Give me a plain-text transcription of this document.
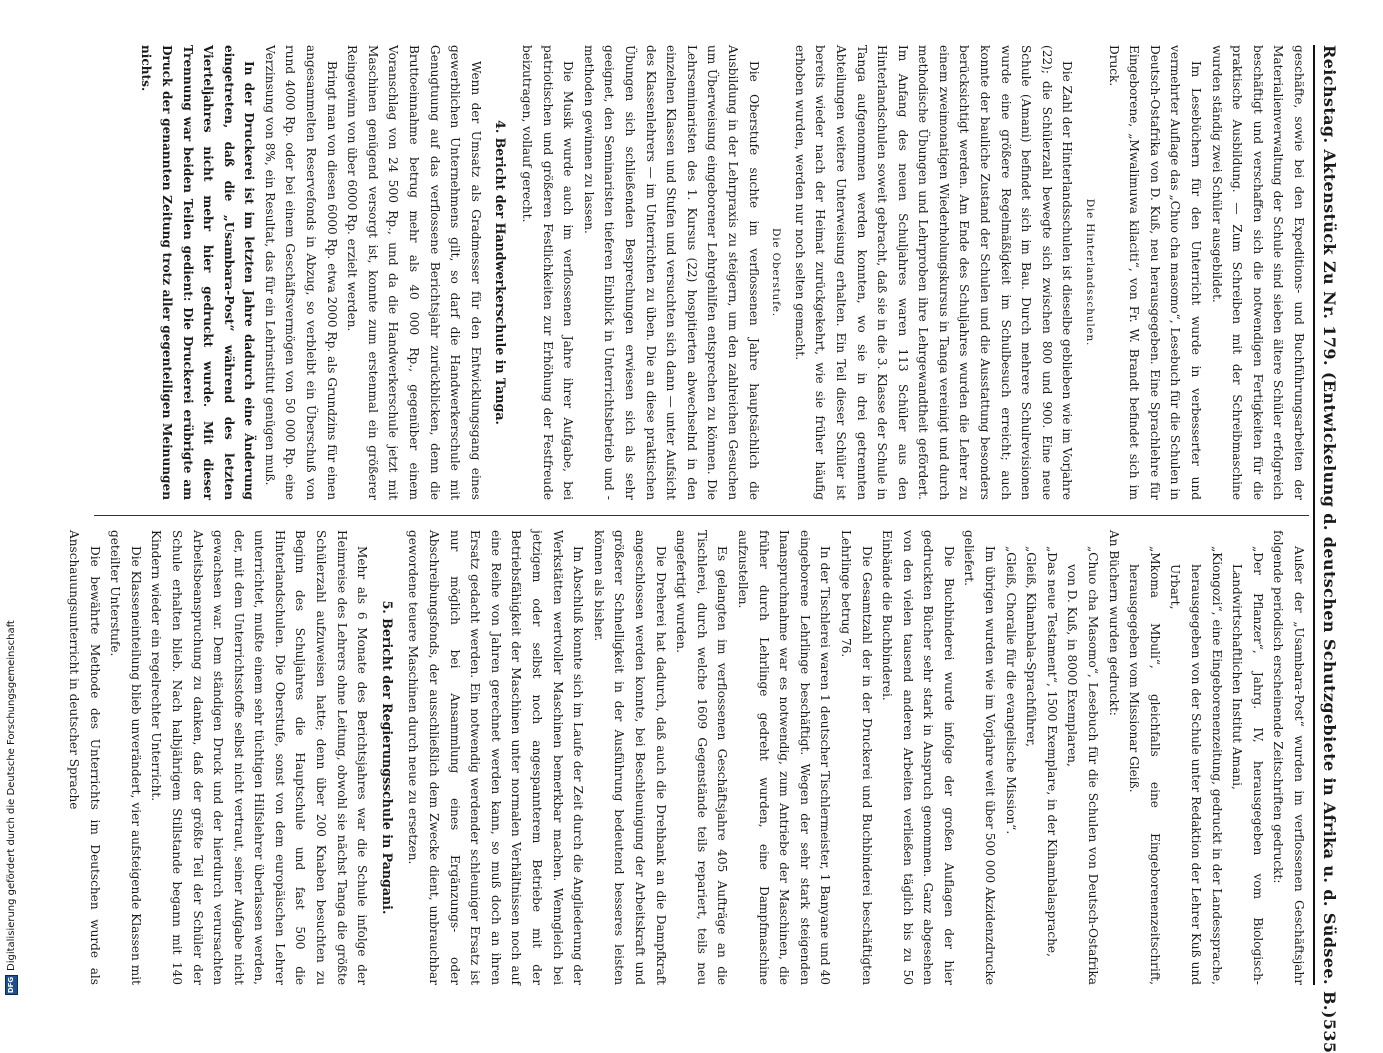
Reichstag. Aktenstück Zu Nr. 179. (Entwickelung d. deutschen Schutzgebiete in Afrika u. d. Südsee. B.)
535

geschäfte, sowie bei den Expeditions- und Buchführungsarbeiten der Materialienverwaltung der Schule sind sieben ältere Schüler erfolgreich beschäftigt und verschaffen sich die notwendigen Fertigkeiten für die praktische Ausbildung. — Zum Schreiben mit der Schreibmaschine wurden ständig zwei Schüler ausgebildet.

Im Lesebüchern für den Unterricht wurde in verbesserter und vermehrter Auflage das „Chuo cha masomo“, Lesebuch für die Schulen in Deutsch-Ostafrika von D. Kuß, neu herausgegeben. Eine Sprachlehre für Eingeborene, „Mwalimuwa kilaciti“, von Fr. W. Brandt befindet sich im Druck.

Die Hinterlandsschulen.

Die Zahl der Hinterlandsschulen ist dieselbe geblieben wie im Vorjahre (22); die Schülerzahl bewegte sich zwischen 800 und 900. Eine neue Schule (Amani) befindet sich im Bau. Durch mehrere Schulrevisionen wurde eine größere Regelmäßigkeit im Schulbesuch erreicht; auch konnte der bauliche Zustand der Schulen und die Ausstattung besonders berücksichtigt werden. Am Ende des Schuljahres wurden die Lehrer zu einem zweimonatigen Wiederholungskursus in Tanga vereinigt und durch methodische Übungen und Lehrproben ihre Lehrgewandtheit gefördert. Im Anfang des neuen Schuljahres waren 113 Schüler aus den Hinterlandschulen soweit gebracht, daß sie in die 3. Klasse der Schule in Tanga aufgenommen werden konnten, wo sie in drei getrennten Abteilungen weitere Unterweisung erhalten. Ein Teil dieser Schüler ist bereits wieder nach der Heimat zurückgekehrt, wie sie früher häufig erhoben wurden, werden nur noch selten gemacht.

Die Oberstufe.

Die Oberstufe suchte im verflossenen Jahre hauptsächlich die Ausbildung in der Lehrpraxis zu steigern, um den zahlreichen Gesuchen um Überweisung eingeborener Lehrgehilfen entsprechen zu können. Die Lehrseminaristen des 1. Kursus (22) hospitierten abwechselnd in den einzelnen Klassen und Stufen und versuchten sich dann — unter Aufsicht des Klassenlehrers — im Unterrichten zu üben. Die an diese praktischen Übungen sich schließenden Besprechungen erwiesen sich als sehr geeignet, den Seminaristen tieferen Einblick in Unterrichtsbetrieb und -methoden gewinnen zu lassen.

Die Musik wurde auch im verflossenen Jahre ihrer Aufgabe, bei patriotischen und größeren Festlichkeiten zur Erhöhung der Festfreude beizutragen, vollauf gerecht.

4. Bericht der Handwerkerschule in Tanga.

Wenn der Umsatz als Gradmesser für den Entwicklungsgang eines gewerblichen Unternehmens gilt, so darf die Handwerkerschule mit Genugtuung auf das verflossene Berichtsjahr zurückblicken, denn die Bruttoeinnahme betrug mehr als 40 000 Rp., gegenüber einem Voranschlag von 24 500 Rp., und da die Handwerkerschule jetzt mit Maschinen genügend versorgt ist, konnte zum erstenmal ein größerer Reingewinn von über 6000 Rp. erzielt werden.

Bringt man von diesen 6000 Rp. etwa 2000 Rp. als Grundzins für einen angesammelten Reservefonds in Abzug, so verbleibt ein Überschuß von rund 4000 Rp. oder bei einem Geschäftsvermögen von 50 000 Rp. eine Verzinsung von 8%, ein Resultat, das für ein Lehrinstitut genügen muß.

In der Druckerei ist im letzten Jahre dadurch eine Änderung eingetreten, daß die „Usambara-Post“ während des letzten Vierteljahres nicht mehr hier gedruckt wurde. Mit dieser Trennung war beiden Teilen gedient: Die Druckerei erübrigte am Druck der genannten Zeitung trotz aller gegenteiligen Meinungen nichts.

Außer der „Usambara-Post“ wurden im verflossenen Geschäftsjahr folgende periodisch erscheinende Zeitschriften gedruckt:

„Der Pflanzer“, Jahrg. IV, herausgegeben vom Biologisch-Landwirtschaftlichen Institut Amani,

„Kiongozi“, eine Eingeborenenzeitung, gedruckt in der Landessprache, herausgegeben von der Schule unter Redaktion der Lehrer Kuß und Urbart,

„Mkoma Mbuli“, gleichfalls eine Eingeborenenzeitschrift, herausgegeben vom Missionar Gleiß.

An Büchern wurden gedruckt:

„Chuo cha Masomo“, Lesebuch für die Schulen von Deutsch-Ostafrika von D. Kuß, in 8000 Exemplaren,

„Das neue Testament“, 1500 Exemplare, in der Kihambalasprache,

„Gleiß, Kihambala-Sprachführer,

„Gleiß, Choralie für die evangelische Mission“.

Im übrigen wurden wie im Vorjahre weit über 500 000 Akzidenzdrucke geliefert.

Die Buchbinderei wurde infolge der großen Auflagen der hier gedruckten Bücher sehr stark in Anspruch genommen. Ganz abgesehen von den vielen tausend anderen Arbeiten verließen täglich bis zu 50 Einbände die Buchbinderei.

Die Gesamtzahl der in der Druckerei und Buchbinderei beschäftigten Lehrlinge betrug 76.

In der Tischlerei waren 1 deutscher Tischlermeister, 1 Banyane und 40 eingeborene Lehrlinge beschäftigt. Wegen der sehr stark steigenden Inanspruchnahme war es notwendig, zum Antriebe der Maschinen, die früher durch Lehrlinge gedreht wurden, eine Dampfmaschine aufzustellen.

Es gelangten im verflossenen Geschäftsjahre 405 Aufträge an die Tischlerei, durch welche 1609 Gegenstände teils repariert, teils neu angefertigt wurden.

Die Dreherei hat dadurch, daß auch die Drehbank an die Dampfkraft angeschlossen werden konnte, bei Beschleunigung der Arbeitskraft und größerer Schnelligkeit in der Ausführung bedeutend besseres leisten können als bisher.

Im Abschluß konnte sich im Laufe der Zeit durch die Angliederung der Werkstätten wertvoller Maschinen bemerkbar machen. Wenngleich bei jetzigem oder selbst noch angespannterem Betriebe mit der Betriebsfähigkeit der Maschinen unter normalen Verhältnissen noch auf eine Reihe von Jahren gerechnet werden kann, so muß doch an ihren Ersatz gedacht werden. Ein notwendig werdender schleuniger Ersatz ist nur möglich bei Ansammlung eines Ergänzungs- oder Abschreibungsfonds, der ausschließlich dem Zwecke dient, unbrauchbar gewordene teuere Maschinen durch neue zu ersetzen.

5. Bericht der Regierungsschule in Pangani.

Mehr als 6 Monate des Berichtsjahres war die Schule infolge der Heimreise des Lehrers ohne Leitung, obwohl sie nächst Tanga die größte Schülerzahl aufzuweisen hatte; denn über 200 Knaben besuchten zu Beginn des Schuljahres die Hauptschule und fast 500 die Hinterlandschulen. Die Oberstufe, sonst von dem europäischen Lehrer unterrichtet, mußte einem sehr tüchtigen Hilfslehrer überlassen werden, der, mit dem Unterrichtsstoffe selbst nicht vertraut, seiner Aufgabe nicht gewachsen war. Dem ständigen Druck und der hierdurch verursachten Arbeitsbeanspruchung zu danken, daß der größte Teil der Schüler der Schule erhalten blieb. Nach halbjährigem Stillstande begann mit 140 Kindern wieder ein regelrechter Unterricht.

Die Klasseneinteilung blieb unverändert, vier aufsteigende Klassen mit geteilter Unterstufe.

Die bewährte Methode des Unterrichts im Deutschen wurde als Anschauungsunterricht in deutscher Sprache

DFG
Digitalisierung gefördert durch die Deutsche Forschungsgemeinschaft
